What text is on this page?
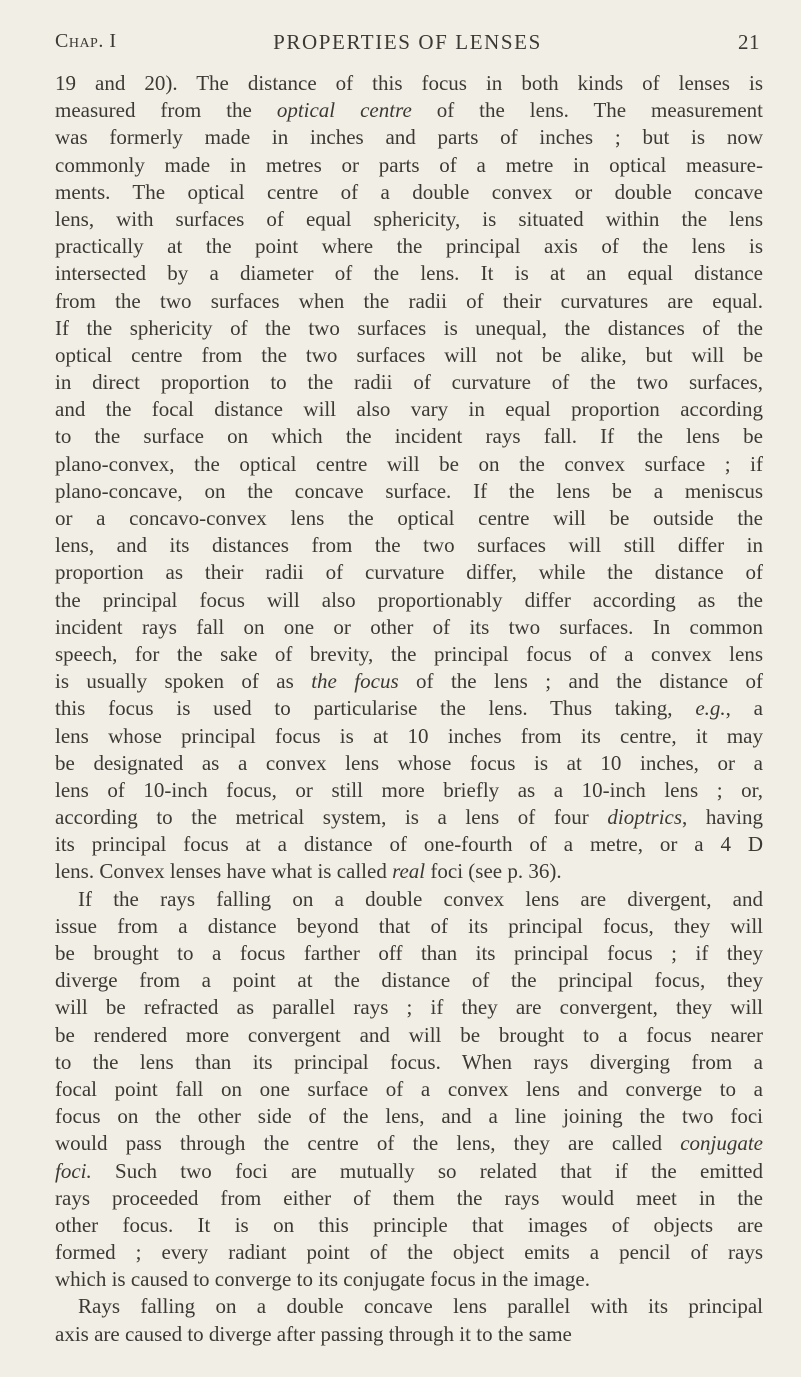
Chap. I	PROPERTIES OF LENSES	21
19 and 20). The distance of this focus in both kinds of lenses is
measured from the optical centre of the lens. The measurement
was formerly made in inches and parts of inches ; but is now
commonly made in metres or parts of a metre in optical measure-
ments. The optical centre of a double convex or double concave
lens, with surfaces of equal sphericity, is situated within the lens
practically at the point where the principal axis of the lens is
intersected by a diameter of the lens. It is at an equal distance
from the two surfaces when the radii of their curvatures are equal.
If the sphericity of the two surfaces is unequal, the distances of the
optical centre from the two surfaces will not be alike, but will be
in direct proportion to the radii of curvature of the two surfaces,
and the focal distance will also vary in equal proportion according
to the surface on which the incident rays fall. If the lens be
plano-convex, the optical centre will be on the convex surface ; if
plano-concave, on the concave surface. If the lens be a meniscus
or a concavo-convex lens the optical centre will be outside the
lens, and its distances from the two surfaces will still differ in
proportion as their radii of curvature differ, while the distance of
the principal focus will also proportionably differ according as the
incident rays fall on one or other of its two surfaces. In common
speech, for the sake of brevity, the principal focus of a convex lens
is usually spoken of as the focus of the lens ; and the distance of
this focus is used to particularise the lens. Thus taking, e.g., a
lens whose principal focus is at 10 inches from its centre, it may
be designated as a convex lens whose focus is at 10 inches, or a
lens of 10-inch focus, or still more briefly as a 10-inch lens ; or,
according to the metrical system, is a lens of four dioptrics, having
its principal focus at a distance of one-fourth of a metre, or a 4 D
lens. Convex lenses have what is called real foci (see p. 36).
If the rays falling on a double convex lens are divergent, and
issue from a distance beyond that of its principal focus, they will
be brought to a focus farther off than its principal focus ; if they
diverge from a point at the distance of the principal focus, they
will be refracted as parallel rays ; if they are convergent, they will
be rendered more convergent and will be brought to a focus nearer
to the lens than its principal focus. When rays diverging from a
focal point fall on one surface of a convex lens and converge to a
focus on the other side of the lens, and a line joining the two foci
would pass through the centre of the lens, they are called conjugate
foci. Such two foci are mutually so related that if the emitted
rays proceeded from either of them the rays would meet in the
other focus. It is on this principle that images of objects are
formed ; every radiant point of the object emits a pencil of rays
which is caused to converge to its conjugate focus in the image.
Rays falling on a double concave lens parallel with its principal
axis are caused to diverge after passing through it to the same
